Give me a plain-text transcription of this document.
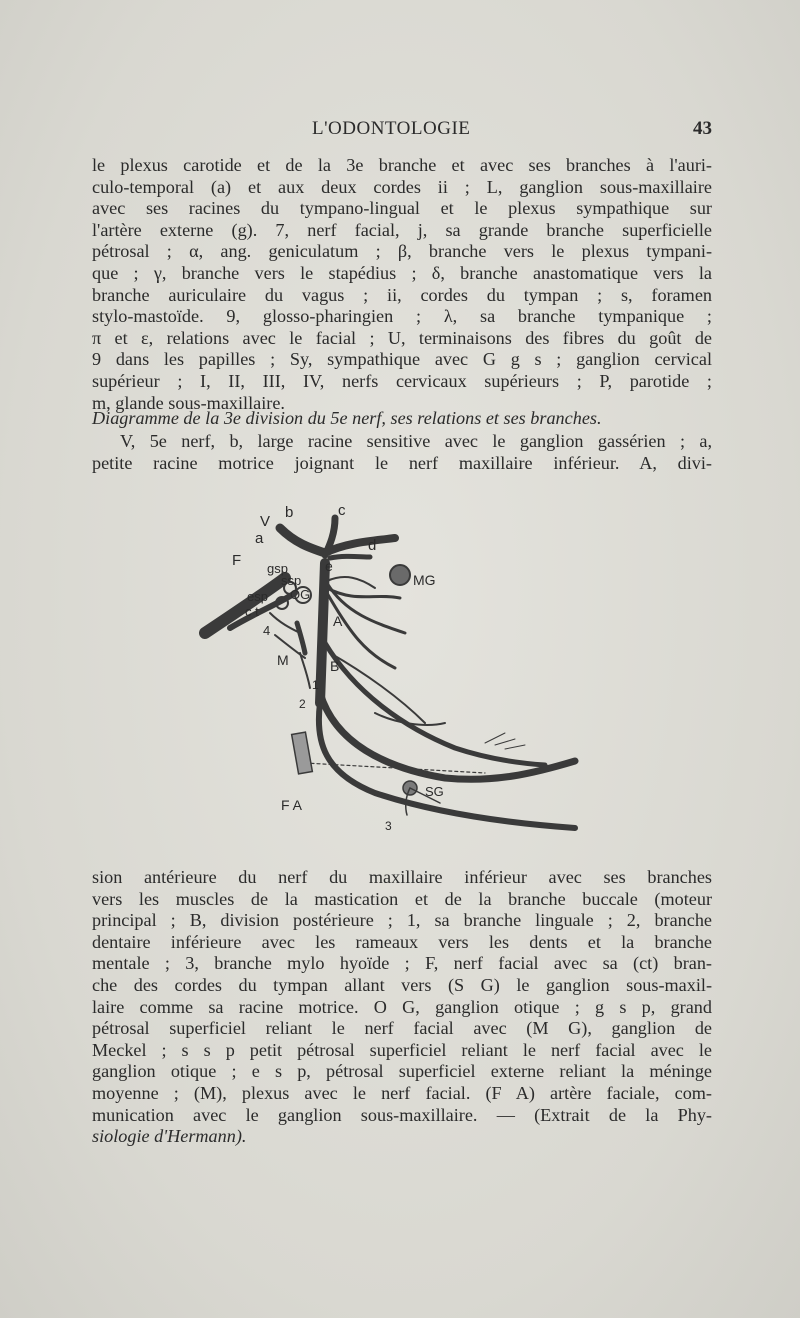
L'ODONTOLOGIE	43
le plexus carotide et de la 3e branche et avec ses branches à l'auri-
culo-temporal (a) et aux deux cordes ii ; L, ganglion sous-maxillaire
avec ses racines du tympano-lingual et le plexus sympathique sur
l'artère externe (g). 7, nerf facial, j, sa grande branche superficielle
pétrosal ; α, ang. geniculatum ; β, branche vers le plexus tympani-
que ; γ, branche vers le stapédius ; δ, branche anastomatique vers la
branche auriculaire du vagus ; ii, cordes du tympan ; s, foramen
stylo-mastoïde. 9, glosso-pharingien ; λ, sa branche tympanique ;
π et ε, relations avec le facial ; U, terminaisons des fibres du goût de
9 dans les papilles ; Sy, sympathique avec G g s ; ganglion cervical
supérieur ; I, II, III, IV, nerfs cervicaux supérieurs ; P, parotide ;
m, glande sous-maxillaire.
Diagramme de la 3e division du 5e nerf, ses relations et ses branches.
V, 5e nerf, b, large racine sensitive avec le ganglion gassérien ; a,
petite racine motrice joignant le nerf maxillaire inférieur. A, divi-
V
b	c
a	d
F gsp
ssp
e
MG
esp OG
c t
4
A
M	B
1
2
SG
F A
3
sion antérieure du nerf du maxillaire inférieur avec ses branches
vers les muscles de la mastication et de la branche buccale (moteur
principal ; B, division postérieure ; 1, sa branche linguale ; 2, branche
dentaire inférieure avec les rameaux vers les dents et la branche
mentale ; 3, branche mylo hyoïde ; F, nerf facial avec sa (ct) bran-
che des cordes du tympan allant vers (S G) le ganglion sous-maxil-
laire comme sa racine motrice. O G, ganglion otique ; g s p, grand
pétrosal superficiel reliant le nerf facial avec (M G), ganglion de
Meckel ; s s p petit pétrosal superficiel reliant le nerf facial avec le
ganglion otique ; e s p, pétrosal superficiel externe reliant la méninge
moyenne ; (M), plexus avec le nerf facial. (F A) artère faciale, com-
munication avec le ganglion sous-maxillaire. — (Extrait de la Phy-
siologie d'Hermann).
